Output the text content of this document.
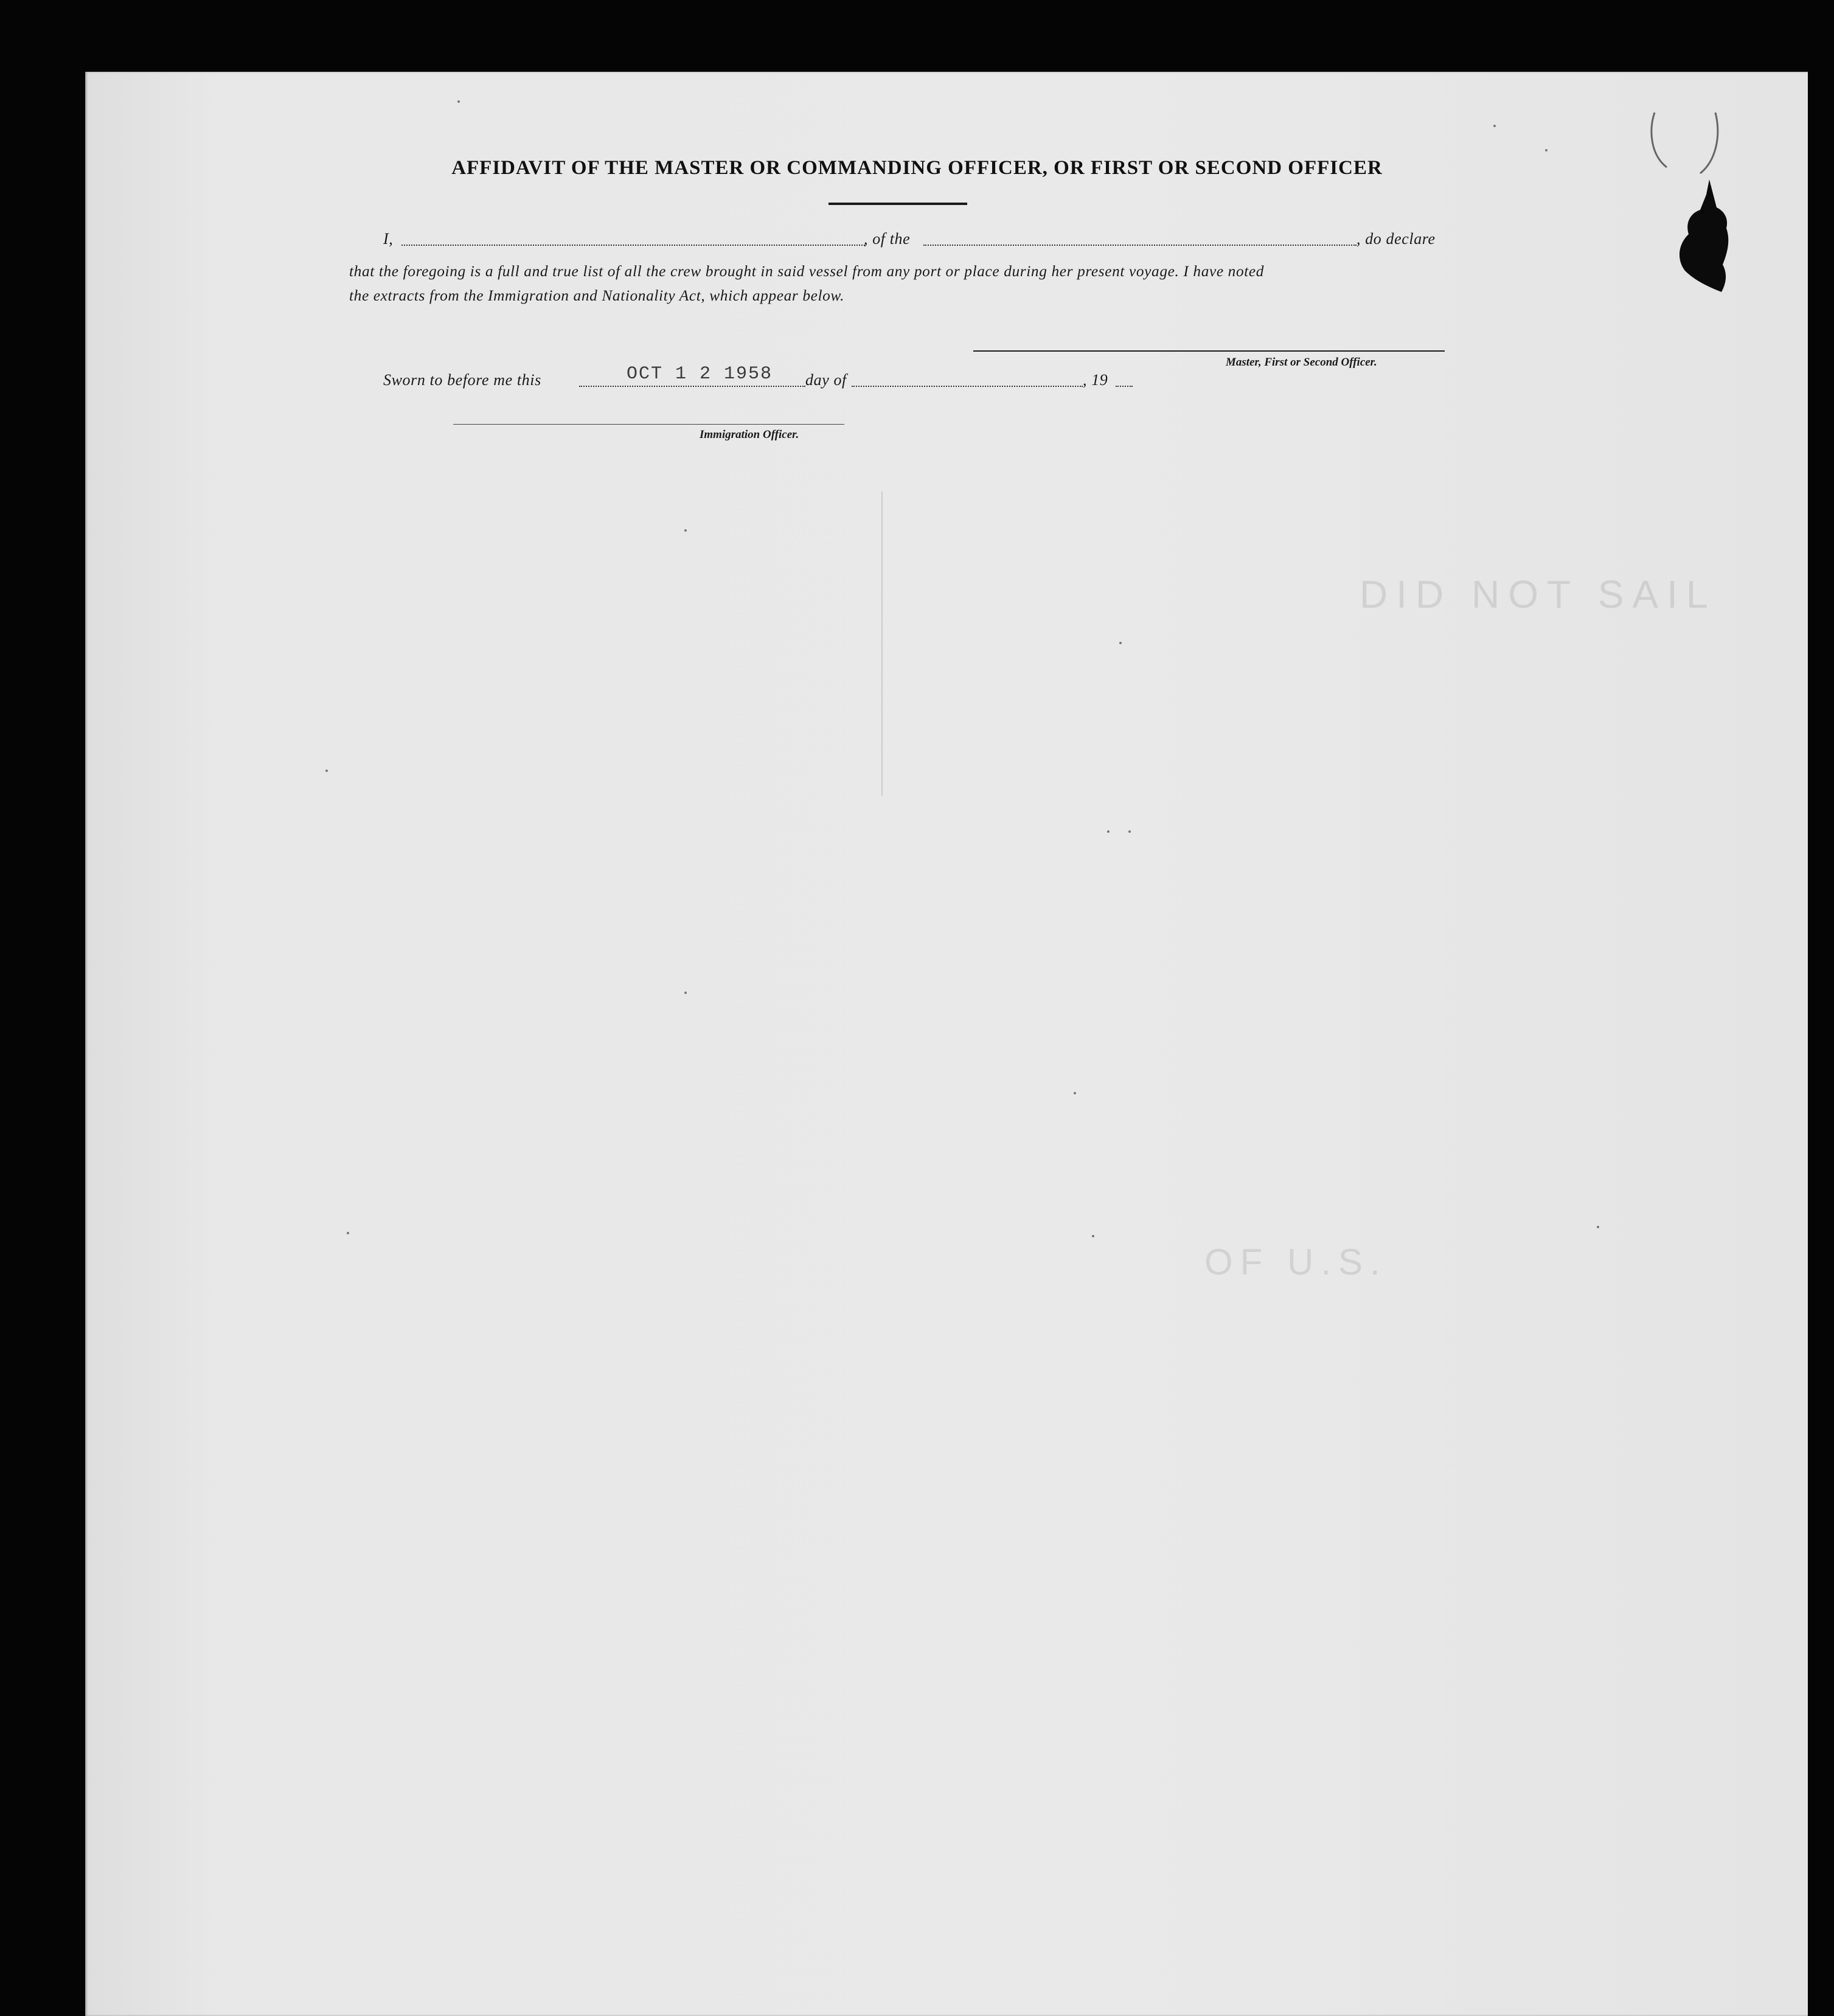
DID NOT SAIL
OF U.S.
AFFIDAVIT OF THE MASTER OR COMMANDING OFFICER, OR FIRST OR SECOND OFFICER
I,	, of the	, do declare
that the foregoing is a full and true list of all the crew brought in said vessel from any port or place during her present voyage. I have noted
the extracts from the Immigration and Nationality Act, which appear below.
Master, First or Second Officer.
Sworn to before me this	OCT 1 2 1958 day of	, 19
Immigration Officer.
